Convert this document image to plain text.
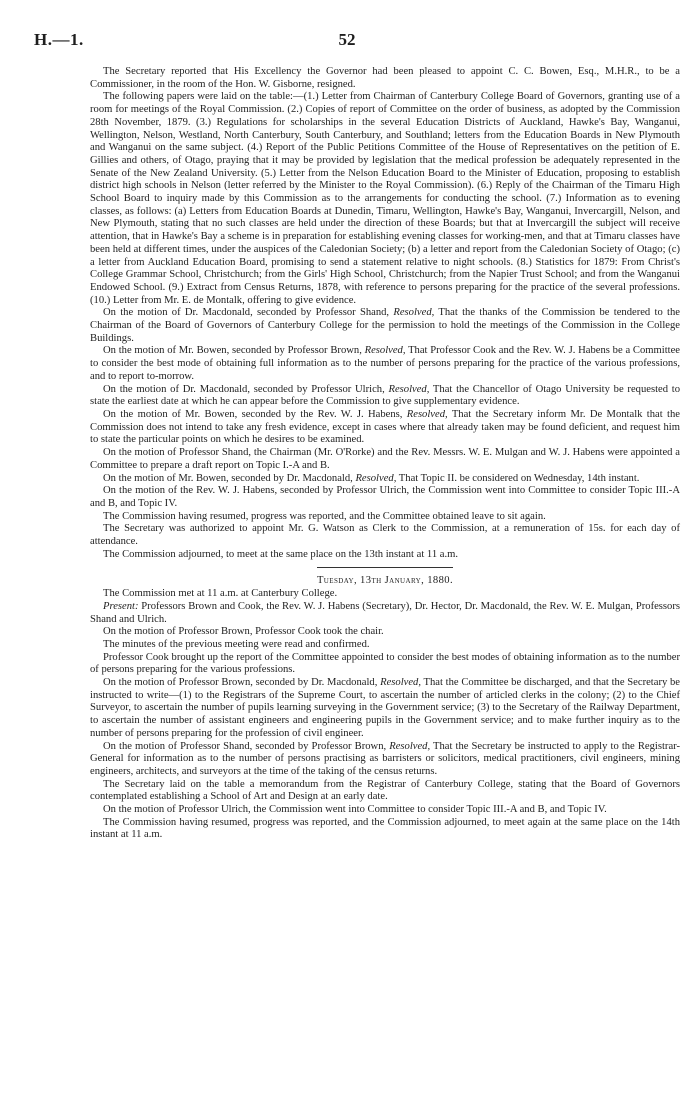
H.—1.	52

The Secretary reported that His Excellency the Governor had been pleased to appoint C. C. Bowen, Esq., M.H.R., to be a Commissioner, in the room of the Hon. W. Gisborne, resigned.

The following papers were laid on the table:—(1.) Letter from Chairman of Canterbury College Board of Governors, granting use of a room for meetings of the Royal Commission. (2.) Copies of report of Committee on the order of business, as adopted by the Commission 28th November, 1879. (3.) Regulations for scholarships in the several Education Districts of Auckland, Hawke's Bay, Wanganui, Wellington, Nelson, Westland, North Canterbury, South Canterbury, and Southland; letters from the Education Boards in New Plymouth and Wanganui on the same subject. (4.) Report of the Public Petitions Committee of the House of Representatives on the petition of E. Gillies and others, of Otago, praying that it may be provided by legislation that the medical profession be adequately represented in the Senate of the New Zealand University. (5.) Letter from the Nelson Education Board to the Minister of Education, proposing to establish district high schools in Nelson (letter referred by the Minister to the Royal Commission). (6.) Reply of the Chairman of the Timaru High School Board to inquiry made by this Commission as to the arrangements for conducting the school. (7.) Information as to evening classes, as follows: (a) Letters from Education Boards at Dunedin, Timaru, Wellington, Hawke's Bay, Wanganui, Invercargill, Nelson, and New Plymouth, stating that no such classes are held under the direction of these Boards; but that at Invercargill the subject will receive attention, that in Hawke's Bay a scheme is in preparation for establishing evening classes for working-men, and that at Timaru classes have been held at different times, under the auspices of the Caledonian Society; (b) a letter and report from the Caledonian Society of Otago; (c) a letter from Auckland Education Board, promising to send a statement relative to night schools. (8.) Statistics for 1879: From Christ's College Grammar School, Christchurch; from the Girls' High School, Christchurch; from the Napier Trust School; and from the Wanganui Endowed School. (9.) Extract from Census Returns, 1878, with reference to persons preparing for the practice of the several professions. (10.) Letter from Mr. E. de Montalk, offering to give evidence.

On the motion of Dr. Macdonald, seconded by Professor Shand, Resolved, That the thanks of the Commission be tendered to the Chairman of the Board of Governors of Canterbury College for the permission to hold the meetings of the Commission in the College Buildings.

On the motion of Mr. Bowen, seconded by Professor Brown, Resolved, That Professor Cook and the Rev. W. J. Habens be a Committee to consider the best mode of obtaining full information as to the number of persons preparing for the practice of the various professions, and to report to-morrow.

On the motion of Dr. Macdonald, seconded by Professor Ulrich, Resolved, That the Chancellor of Otago University be requested to state the earliest date at which he can appear before the Commission to give supplementary evidence.

On the motion of Mr. Bowen, seconded by the Rev. W. J. Habens, Resolved, That the Secretary inform Mr. De Montalk that the Commission does not intend to take any fresh evidence, except in cases where that already taken may be found deficient, and request him to state the particular points on which he desires to be examined.

On the motion of Professor Shand, the Chairman (Mr. O'Rorke) and the Rev. Messrs. W. E. Mulgan and W. J. Habens were appointed a Committee to prepare a draft report on Topic I.-A and B.

On the motion of Mr. Bowen, seconded by Dr. Macdonald, Resolved, That Topic II. be considered on Wednesday, 14th instant.

On the motion of the Rev. W. J. Habens, seconded by Professor Ulrich, the Commission went into Committee to consider Topic III.-A and B, and Topic IV.

The Commission having resumed, progress was reported, and the Committee obtained leave to sit again.

The Secretary was authorized to appoint Mr. G. Watson as Clerk to the Commission, at a remuneration of 15s. for each day of attendance.

The Commission adjourned, to meet at the same place on the 13th instant at 11 a.m.

Tuesday, 13th January, 1880.

The Commission met at 11 a.m. at Canterbury College.

Present: Professors Brown and Cook, the Rev. W. J. Habens (Secretary), Dr. Hector, Dr. Macdonald, the Rev. W. E. Mulgan, Professors Shand and Ulrich.

On the motion of Professor Brown, Professor Cook took the chair.

The minutes of the previous meeting were read and confirmed.

Professor Cook brought up the report of the Committee appointed to consider the best modes of obtaining information as to the number of persons preparing for the various professions.

On the motion of Professor Brown, seconded by Dr. Macdonald, Resolved, That the Committee be discharged, and that the Secretary be instructed to write—(1) to the Registrars of the Supreme Court, to ascertain the number of articled clerks in the colony; (2) to the Chief Surveyor, to ascertain the number of pupils learning surveying in the Government service; (3) to the Secretary of the Railway Department, to ascertain the number of assistant engineers and engineering pupils in the Government service; and to make further inquiry as to the number of persons preparing for the profession of civil engineer.

On the motion of Professor Shand, seconded by Professor Brown, Resolved, That the Secretary be instructed to apply to the Registrar-General for information as to the number of persons practising as barristers or solicitors, medical practitioners, civil engineers, mining engineers, architects, and surveyors at the time of the taking of the census returns.

The Secretary laid on the table a memorandum from the Registrar of Canterbury College, stating that the Board of Governors contemplated establishing a School of Art and Design at an early date.

On the motion of Professor Ulrich, the Commission went into Committee to consider Topic III.-A and B, and Topic IV.

The Commission having resumed, progress was reported, and the Commission adjourned, to meet again at the same place on the 14th instant at 11 a.m.
